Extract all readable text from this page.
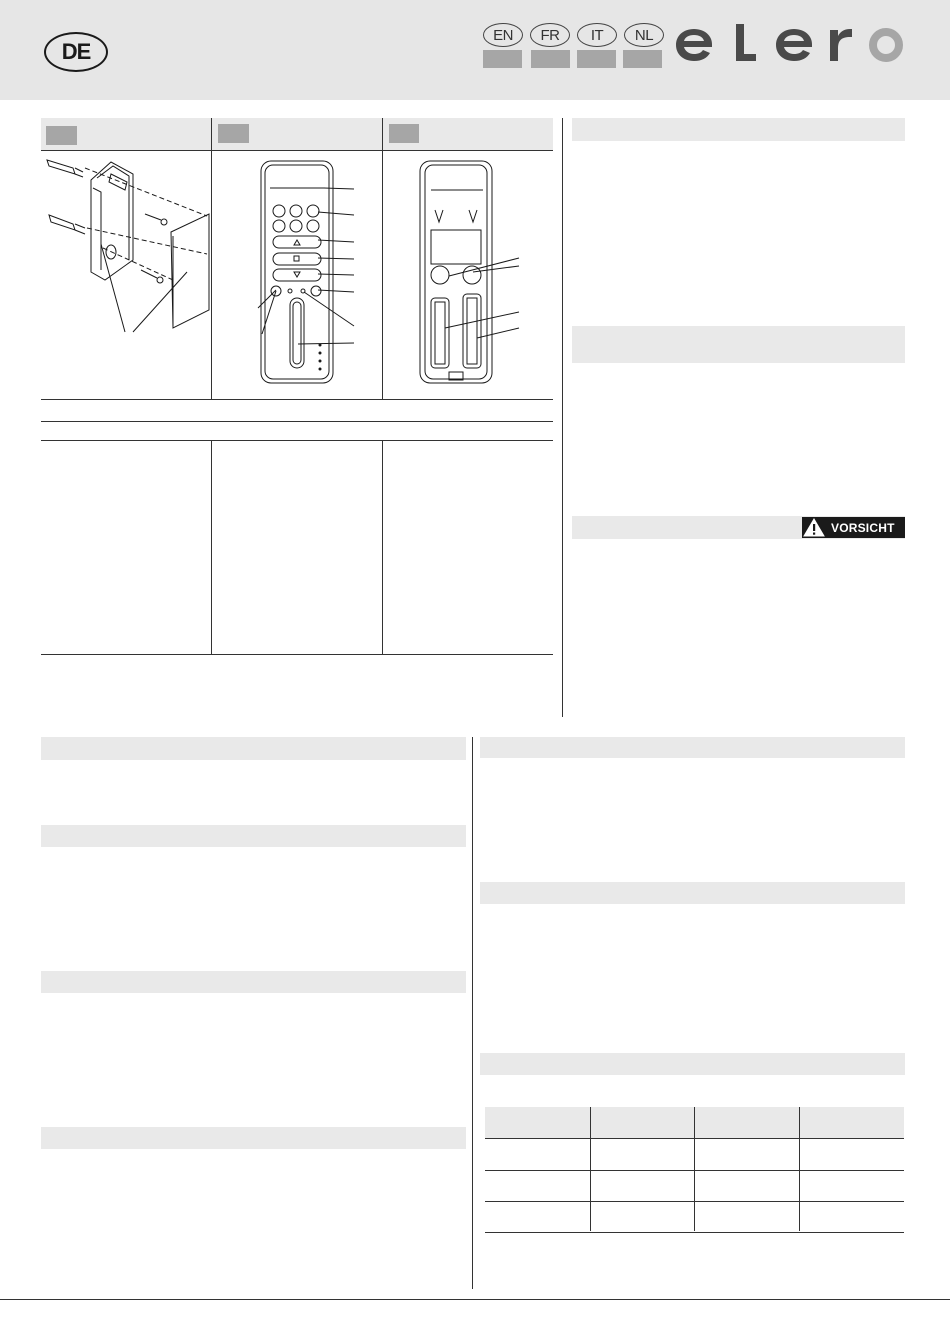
DE
EN	FR	IT	NL
VORSICHT
